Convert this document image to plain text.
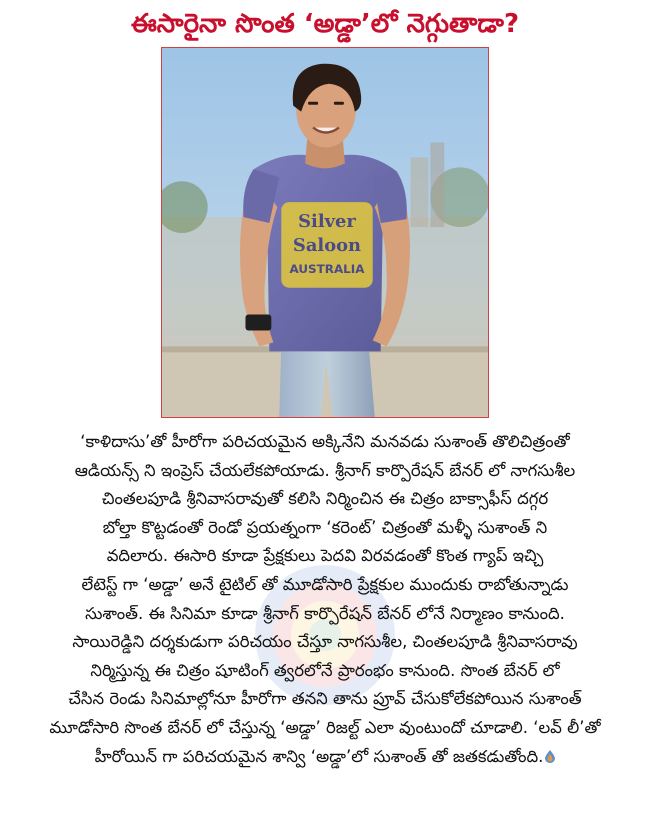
ఈసారైనా సొంత ‘అడ్డా’లో నెగ్గుతాడా?
Silver
Saloon
AUSTRALIA

‘కాళిదాసు’తో హీరోగా పరిచయమైన అక్కినేని మనవడు సుశాంత్ తొలిచిత్రంతో

ఆడియన్స్ ని ఇంప్రెస్ చేయలేకపోయాడు. శ్రీనాగ్ కార్పొరేషన్ బేనర్ లో నాగసుశీల

చింతలపూడి శ్రీనివాసరావుతో కలిసి నిర్మించిన ఈ చిత్రం బాక్సాఫీస్ దగ్గర

బోల్తా కొట్టడంతో రెండో ప్రయత్నంగా ‘కరెంట్’ చిత్రంతో మళ్ళీ సుశాంత్ ని

వదిలారు. ఈసారి కూడా ప్రేక్షకులు పెదవి విరవడంతో కొంత గ్యాప్ ఇచ్చి

లేటెస్ట్ గా ‘అడ్డా’ అనే టైటిల్ తో మూడోసారి ప్రేక్షకుల ముందుకు రాబోతున్నాడు

సుశాంత్. ఈ సినిమా కూడా శ్రీనాగ్ కార్పొరేషన్ బేనర్ లోనే నిర్మాణం కానుంది.

సాయిరెడ్డిని దర్శకుడుగా పరిచయం చేస్తూ నాగసుశీల, చింతలపూడి శ్రీనివాసరావు

నిర్మిస్తున్న ఈ చిత్రం షూటింగ్ త్వరలోనే ప్రారంభం కానుంది. సొంత బేనర్ లో

చేసిన రెండు సినిమాల్లోనూ హీరోగా తనని తాను ప్రూవ్ చేసుకోలేకపోయిన సుశాంత్

మూడోసారి సొంత బేనర్ లో చేస్తున్న ‘అడ్డా’ రిజల్ట్ ఎలా వుంటుందో చూడాలి. ‘లవ్ లీ’తో

హీరోయిన్ గా పరిచయమైన శాన్వి ‘అడ్డా’లో సుశాంత్ తో జతకడుతోంది.
